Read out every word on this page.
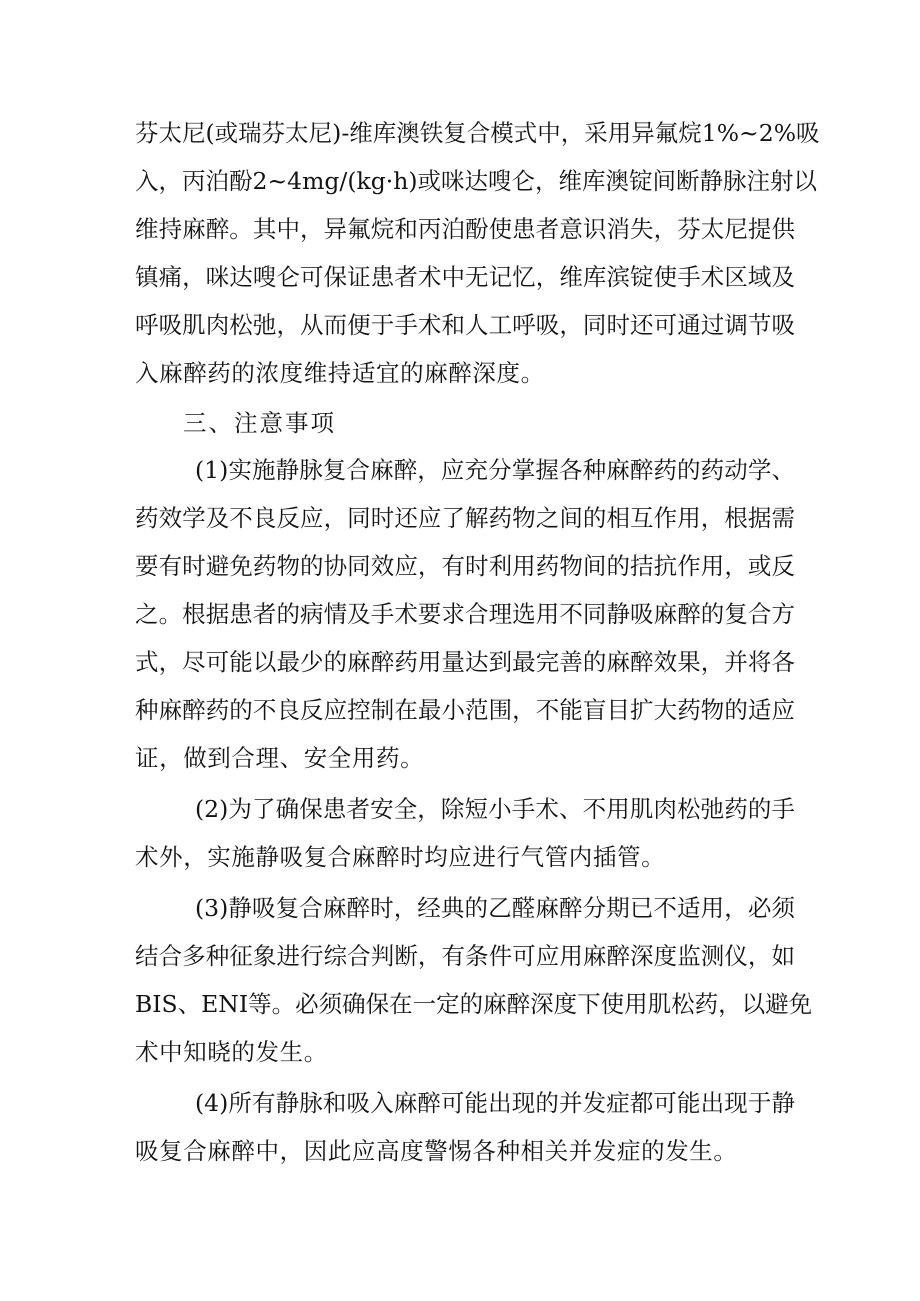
芬太尼(或瑞芬太尼)-维库澳铁复合模式中，采用异氟烷1%~2%吸
入，丙泊酚2~4mg/(kg·h)或咪达嗖仑，维库澳锭间断静脉注射以
维持麻醉。其中，异氟烷和丙泊酚使患者意识消失，芬太尼提供
镇痛，咪达嗖仑可保证患者术中无记忆，维库滨锭使手术区域及
呼吸肌肉松弛，从而便于手术和人工呼吸，同时还可通过调节吸
入麻醉药的浓度维持适宜的麻醉深度。
三、注意事项
(1)实施静脉复合麻醉，应充分掌握各种麻醉药的药动学、
药效学及不良反应，同时还应了解药物之间的相互作用，根据需
要有时避免药物的协同效应，有时利用药物间的拮抗作用，或反
之。根据患者的病情及手术要求合理选用不同静吸麻醉的复合方
式，尽可能以最少的麻醉药用量达到最完善的麻醉效果，并将各
种麻醉药的不良反应控制在最小范围，不能盲目扩大药物的适应
证，做到合理、安全用药。
(2)为了确保患者安全，除短小手术、不用肌肉松弛药的手
术外，实施静吸复合麻醉时均应进行气管内插管。
(3)静吸复合麻醉时，经典的乙醛麻醉分期已不适用，必须
结合多种征象进行综合判断，有条件可应用麻醉深度监测仪，如
BIS、ENI等。必须确保在一定的麻醉深度下使用肌松药，以避免
术中知晓的发生。
(4)所有静脉和吸入麻醉可能出现的并发症都可能出现于静
吸复合麻醉中，因此应高度警惕各种相关并发症的发生。
